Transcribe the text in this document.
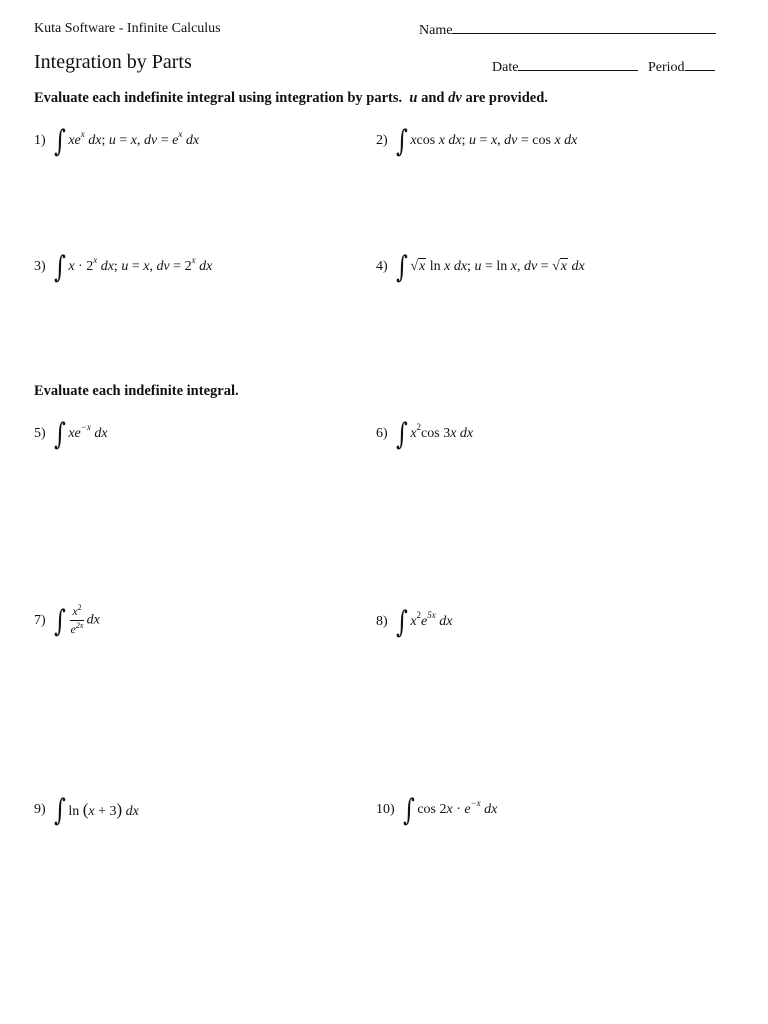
Kuta Software - Infinite Calculus	Name
Integration by Parts	Date	Period
Evaluate each indefinite integral using integration by parts. u and dv are provided.
1) ∫ $xe^x$ dx; u = x, dv = $e^x$ dx	2) ∫ xcos x dx; u = x, dv = cos x dx
3) ∫ $x \cdot 2^x$ dx; u = x, dv = $2^x$ dx	4) ∫ √x ln x dx; u = ln x, dv = √x dx
Evaluate each indefinite integral.
5) ∫ $xe^{-x}$ dx	6) ∫ $x^2\cos$ 3x dx
7) ∫ $\frac{x^2}{e^{2x}}$ dx	8) ∫ $x^2e^{5x}$ dx
9) ∫ ln (x + 3) dx	10) ∫ $\cos 2x \cdot e^{-x}$ dx
